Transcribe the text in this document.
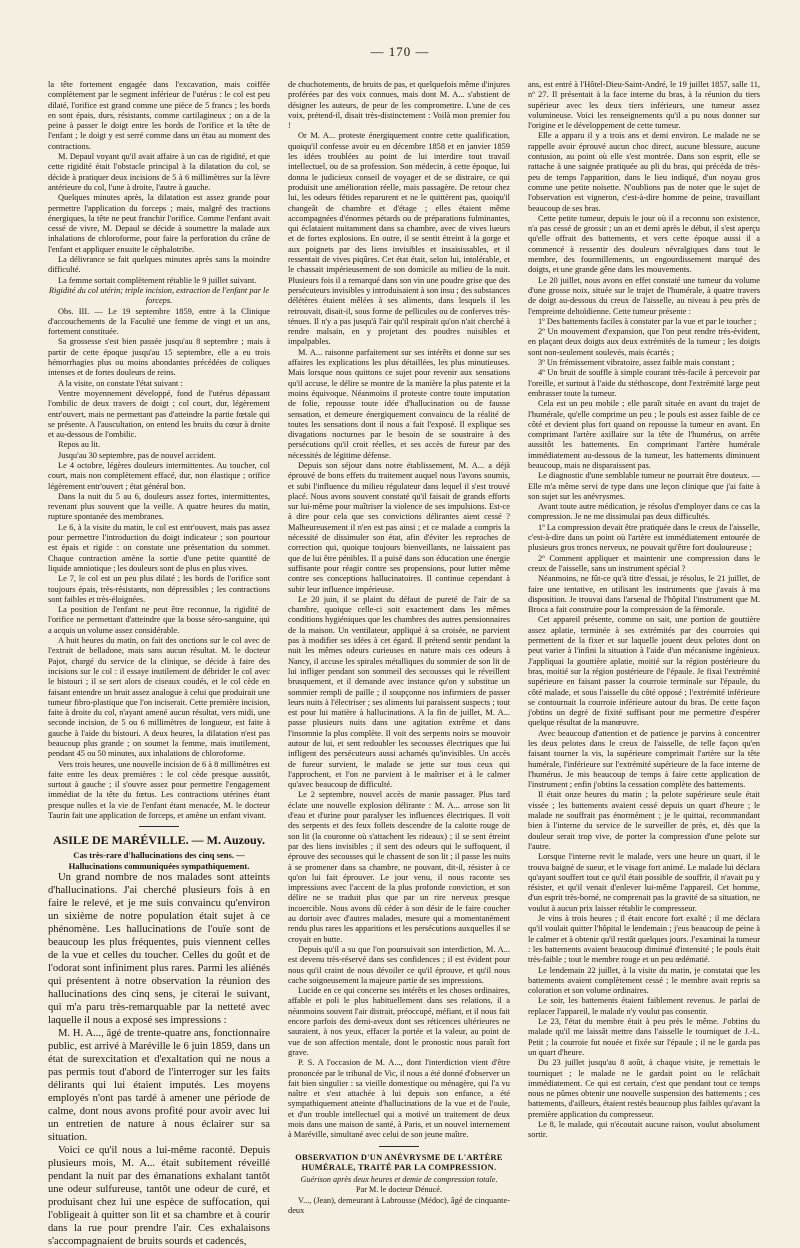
— 170 —

la tête fortement engagée dans l'excavation, mais coiffée complètement par le segment inférieur de l'utérus : le col est peu dilaté, l'orifice est grand comme une pièce de 5 francs ; les bords en sont épais, durs, résistants, comme cartilagineux ; on a de la peine à passer le doigt entre les bords de l'orifice et la tête de l'enfant ; le doigt y est serré comme dans un étau au moment des contractions.

M. Depaul voyant qu'il avait affaire à un cas de rigidité, et que cette rigidité était l'obstacle principal à la dilatation du col, se décide à pratiquer deux incisions de 5 à 6 millimètres sur la lèvre antérieure du col, l'une à droite, l'autre à gauche.

Quelques minutes après, la dilatation est assez grande pour permettre l'application du forceps ; mais, malgré des tractions énergiques, la tête ne peut franchir l'orifice. Comme l'enfant avait cessé de vivre, M. Depaul se décide à soumettre la malade aux inhalations de chloroforme, pour faire la perforation du crâne de l'enfant et appliquer ensuite le céphalotribe.

La délivrance se fait quelques minutes après sans la moindre difficulté.

La femme sortait complètement rétablie le 9 juillet suivant.

Rigidité du col utérin; triple incision, extraction de l'enfant par le forceps.

Obs. III. — Le 19 septembre 1859, entre à la Clinique d'accouchements de la Faculté une femme de vingt et un ans, fortement constituée.

Sa grossesse s'est bien passée jusqu'au 8 septembre ; mais à partir de cette époque jusqu'au 15 septembre, elle a eu trois hémorrhagies plus ou moins abondantes précédées de coliques intenses et de fortes douleurs de reins.

A la visite, on constate l'état suivant :

Ventre moyennement développé, fond de l'utérus dépassant l'ombilic de deux travers de doigt ; col court, dur, légèrement entr'ouvert, mais ne permettant pas d'atteindre la partie fœtale qui se présente. A l'auscultation, on entend les bruits du cœur à droite et au-dessous de l'ombilic.

Repos au lit.

Jusqu'au 30 septembre, pas de nouvel accident.

Le 4 octobre, légères douleurs intermittentes. Au toucher, col court, mais non complètement effacé, dur, non élastique ; orifice légèrement entr'ouvert ; état général bon.

Dans la nuit du 5 au 6, douleurs assez fortes, intermittentes, revenant plus souvent que la veille. A quatre heures du matin, rupture spontanée des membranes.

Le 6, à la visite du matin, le col est entr'ouvert, mais pas assez pour permettre l'introduction du doigt indicateur ; son pourtour est épais et rigide : on constate une présentation du sommet. Chaque contraction amène la sortie d'une petite quantité de liquide amniotique ; les douleurs sont de plus en plus vives.

Le 7, le col est un peu plus dilaté ; les bords de l'orifice sont toujours épais, très-résistants, non dépressibles ; les contractions sont faibles et très-éloignées.

La position de l'enfant ne peut être reconnue, la rigidité de l'orifice ne permettant d'atteindre que la bosse séro-sanguine, qui a acquis un volume assez considérable.

A huit heures du matin, on fait des onctions sur le col avec de l'extrait de belladone, mais sans aucun résultat. M. le docteur Pajot, chargé du service de la clinique, se décide à faire des incisions sur le col : il essaye inutilement de débrider le col avec le bistouri ; il se sert alors de ciseaux coudés, et le col cède en faisant entendre un bruit assez analogue à celui que produirait une tumeur fibro-plastique que l'on inciserait. Cette première incision, faite à droite du col, n'ayant amené aucun résultat, vers midi, une seconde incision, de 5 ou 6 millimètres de longueur, est faite à gauche à l'aide du bistouri. A deux heures, la dilatation n'est pas beaucoup plus grande ; on soumet la femme, mais inutilement, pendant 45 ou 50 minutes, aux inhalations de chloroforme.

Vers trois heures, une nouvelle incision de 6 à 8 millimètres est faite entre les deux premières : le col cède presque aussitôt, surtout à gauche ; il s'ouvre assez pour permettre l'engagement immédiat de la tête du fœtus. Les contractions utérines étant presque nulles et la vie de l'enfant étant menacée, M. le docteur Taurin fait une application de forceps, et amène un enfant vivant.

ASILE DE MARÉVILLE. — M. Auzouy.
Cas très-rare d'hallucinations des cinq sens. — Hallucinations communiquées sympathiquement.

Un grand nombre de nos malades sont atteints d'hallucinations. J'ai cherché plusieurs fois à en faire le relevé, et je me suis convaincu qu'environ un sixième de notre population était sujet à ce phénomène. Les hallucinations de l'ouïe sont de beaucoup les plus fréquentes, puis viennent celles de la vue et celles du toucher. Celles du goût et de l'odorat sont infiniment plus rares. Parmi les aliénés qui présentent à notre observation la réunion des hallucinations des cinq sens, je citerai le suivant, qui m'a paru très-remarquable par la netteté avec laquelle il nous a exposé ses impressions :

M. H. A..., âgé de trente-quatre ans, fonctionnaire public, est arrivé à Maréville le 6 juin 1859, dans un état de surexcitation et d'exaltation qui ne nous a pas permis tout d'abord de l'interroger sur les faits délirants qui lui étaient imputés. Les moyens employés n'ont pas tardé à amener une période de calme, dont nous avons profité pour avoir avec lui un entretien de nature à nous éclairer sur sa situation.

Voici ce qu'il nous a lui-même raconté. Depuis plusieurs mois, M. A... était subitement réveillé pendant la nuit par des émanations exhalant tantôt une odeur sulfureuse, tantôt une odeur de curé, et produisant chez lui une espèce de suffocation, qui l'obligeait à quitter son lit et sa chambre et à courir dans la rue pour prendre l'air. Ces exhalaisons s'accompagnaient de bruits sourds et cadencés,

de chuchotements, de bruits de pas, et quelquefois même d'injures proférées par des voix connues, mais dont M. A... s'abstient de désigner les auteurs, de peur de les compromettre. L'une de ces voix, prétend-il, disait très-distinctement : Voilà mon premier fou !

Or M. A... proteste énergiquement contre cette qualification, quoiqu'il confesse avoir eu en décembre 1858 et en janvier 1859 les idées troublées au point de lui interdire tout travail intellectuel, ou de sa profession. Son médecin, à cette époque, lui donna le judicieux conseil de voyager et de se distraire, ce qui produisit une amélioration réelle, mais passagère. De retour chez lui, les odeurs fétides reparurent et ne le quittèrent pas, quoiqu'il changeât de chambre et d'étage ; elles étaient même accompagnées d'énormes pétards ou de préparations fulminantes, qui éclataient nuitamment dans sa chambre, avec de vives lueurs et de fortes explosions. En outre, il se sentit étreint à la gorge et aux poignets par des liens invisibles et insaisissables, et il ressentait de vives piqûres. Cet état était, selon lui, intolérable, et le chassait impérieusement de son domicile au milieu de la nuit. Plusieurs fois il a remarqué dans son vin une poudre grise que des persécuteurs invisibles y introduisaient à son insu ; des substances délétères étaient mêlées à ses aliments, dans lesquels il les retrouvait, disait-il, sous forme de pellicules ou de conferves très-ténues. Il n'y a pas jusqu'à l'air qu'il respirait qu'on n'ait cherché à rendre malsain, en y projetant des poudres nuisibles et impalpables.

M. A... raisonne parfaitement sur ses intérêts et donne sur ses affaires les explications les plus détaillées, les plus minutieuses. Mais lorsque nous quittons ce sujet pour revenir aux sensations qu'il accuse, le délire se montre de la manière la plus patente et la moins équivoque. Néanmoins il proteste contre toute imputation de folie, repousse toute idée d'hallucination ou de fausse sensation, et demeure énergiquement convaincu de la réalité de toutes les sensations dont il nous a fait l'exposé. Il explique ses divagations nocturnes par le besoin de se soustraire à des persécutions qu'il croit réelles, et ses accès de fureur par des nécessités de légitime défense.

Depuis son séjour dans notre établissement, M. A... a déjà éprouvé de bons effets du traitement auquel nous l'avons soumis, et subi l'influence du milieu régulateur dans lequel il s'est trouvé placé. Nous avons souvent constaté qu'il faisait de grands efforts sur lui-même pour maîtriser la violence de ses impulsions. Est-ce à dire pour cela que ses convictions délirantes aient cessé ? Malheureusement il n'en est pas ainsi ; et ce malade a compris la nécessité de dissimuler son état, afin d'éviter les reproches de correction qui, quoique toujours bienveillants, ne laissaient pas que de lui être pénibles. Il a puisé dans son éducation une énergie suffisante pour réagir contre ses propensions, pour lutter même contre ses conceptions hallucinatoires. Il continue cependant à subir leur influence impérieuse.

Le 20 juin, il se plaint du défaut de pureté de l'air de sa chambre, quoique celle-ci soit exactement dans les mêmes conditions hygiéniques que les chambres des autres pensionnaires de la maison. Un ventilateur, appliqué à sa croisée, ne parvient pas à modifier ses idées à cet égard. Il prétend sentir pendant la nuit les mêmes odeurs curieuses en nature mais ces odeurs à Nancy, il accuse les spirales métalliques du sommier de son lit de lui infliger pendant son sommeil des secousses qui le réveillent brusquement, et il demande avec instance qu'on y substitue un sommier rempli de paille ; il soupçonne nos infirmiers de passer leurs nuits à l'électriser ; ses aliments lui paraissent suspects ; tout est pour lui matière à hallucinations. A la fin de juillet, M. A... passe plusieurs nuits dans une agitation extrême et dans l'insomnie la plus complète. Il voit des serpents noirs se mouvoir autour de lui, et sent redoubler les secousses électriques que lui infligent des persécuteurs aussi acharnés qu'invisibles. Un accès de fureur survient, le malade se jette sur tous ceux qui l'approchent, et l'on ne parvient à le maîtriser et à le calmer qu'avec beaucoup de difficulté.

Le 2 septembre, nouvel accès de manie passager. Plus tard éclate une nouvelle explosion délirante : M. A... arrose son lit d'eau et d'urine pour paralyser les influences électriques. Il voit des serpents et des feux follets descendre de la calotte rouge de son lit (la couronne où s'attachent les rideaux) ; il se sent étreint par des liens invisibles ; il sent des odeurs qui le suffoquent, il éprouve des secousses qui le chassent de son lit ; il passe les nuits à se promener dans sa chambre, ne pouvant, dit-il, résister à ce qu'on lui fait éprouver. Le jour venu, il nous raconte ses impressions avec l'accent de la plus profonde conviction, et son délire ne se traduit plus que par un rire nerveux presque incoercible. Nous avons dû céder à son désir de le faire coucher au dortoir avec d'autres malades, mesure qui a momentanément rendu plus rares les apparitions et les persécutions auxquelles il se croyait en butte.

Depuis qu'il a su que l'on poursuivait son interdiction, M. A... est devenu très-réservé dans ses confidences ; il est évident pour nous qu'il craint de nous dévoiler ce qu'il éprouve, et qu'il nous cache soigneusement la majeure partie de ses impressions.

Lucide en ce qui concerne ses intérêts et les choses ordinaires, affable et poli le plus habituellement dans ses relations, il a néanmoins souvent l'air distrait, préoccupé, méfiant, et il nous fait encore parfois des demi-aveux dont ses réticences ultérieures ne sauraient, à nos yeux, effacer la portée et la valeur, au point de vue de son affection mentale, dont le pronostic nous paraît fort grave.

P. S. A l'occasion de M. A..., dont l'interdiction vient d'être prononcée par le tribunal de Vic, il nous a été donné d'observer un fait bien singulier : sa vieille domestique ou ménagère, qui l'a vu naître et s'est attachée à lui depuis son enfance, a été sympathiquement atteinte d'hallucinations de la vue et de l'ouïe, et d'un trouble intellectuel qui a motivé un traitement de deux mois dans une maison de santé, à Paris, et un nouvel internement à Maréville, simultané avec celui de son jeune maître.

OBSERVATION D'UN ANÉVRYSME DE L'ARTÈRE HUMÉRALE, TRAITÉ PAR LA COMPRESSION.
Guérison après deux heures et demie de compression totale.
Par M. le docteur Dénucé.

V..., (Jean), demeurant à Labrousse (Médoc), âgé de cinquante-deux

ans, est entré à l'Hôtel-Dieu-Saint-André, le 19 juillet 1857, salle 11, nº 27. Il présentait à la face interne du bras, à la réunion du tiers supérieur avec les deux tiers inférieurs, une tumeur assez volumineuse. Voici les renseignements qu'il a pu nous donner sur l'origine et le développement de cette tumeur.

Elle a apparu il y a trois ans et demi environ. Le malade ne se rappelle avoir éprouvé aucun choc direct, aucune blessure, aucune contusion, au point où elle s'est montrée. Dans son esprit, elle se rattache à une saignée pratiquée au pli du bras, qui précéda de très-peu de temps l'apparition, dans le lieu indiqué, d'un noyau gros comme une petite noisette. N'oublions pas de noter que le sujet de l'observation est vigneron, c'est-à-dire homme de peine, travaillant beaucoup de ses bras.

Cette petite tumeur, depuis le jour où il a reconnu son existence, n'a pas cessé de grossir ; un an et demi après le début, il s'est aperçu qu'elle offrait des battements, et vers cette époque aussi il a commencé à ressentir des douleurs névralgiques dans tout le membre, des fourmillements, un engourdissement marqué des doigts, et une grande gêne dans les mouvements.

Le 20 juillet, nous avons en effet constaté une tumeur du volume d'une grosse noix, située sur le trajet de l'humérale, à quatre travers de doigt au-dessous du creux de l'aisselle, au niveau à peu près de l'empreinte deltoïdienne. Cette tumeur présente :

1º Des battements faciles à constater par la vue et par le toucher ;

2º Un mouvement d'expansion, que l'on peut rendre très-évident, en plaçant deux doigts aux deux extrémités de la tumeur ; les doigts sont non-seulement soulevés, mais écartés ;

3º Un frémissement vibratoire, assez faible mais constant ;

4º Un bruit de souffle à simple courant très-facile à percevoir par l'oreille, et surtout à l'aide du stéthoscope, dont l'extrémité large peut embrasser toute la tumeur.

Cela est un peu mobile ; elle paraît située en avant du trajet de l'humérale, qu'elle comprime un peu ; le pouls est assez faible de ce côté et devient plus fort quand on repousse la tumeur en avant. En comprimant l'artère axillaire sur la tête de l'humérus, on arrête aussitôt les battements. En comprimant l'artère humérale immédiatement au-dessous de la tumeur, les battements diminuent beaucoup, mais ne disparaissent pas.

Le diagnostic d'une semblable tumeur ne pourrait être douteux. — Elle m'a même servi de type dans une leçon clinique que j'ai faite à son sujet sur les anévrysmes.

Avant toute autre médication, je résolus d'employer dans ce cas la compression. Je ne me dissimulai pas deux difficultés.

1º La compression devait être pratiquée dans le creux de l'aisselle, c'est-à-dire dans un point où l'artère est immédiatement entourée de plusieurs gros troncs nerveux, ne pouvait qu'être fort douloureuse ;

2º Comment appliquer et maintenir une compression dans le creux de l'aisselle, sans un instrument spécial ?

Néanmoins, ne fût-ce qu'à titre d'essai, je résolus, le 21 juillet, de faire une tentative, en utilisant les instruments que j'avais à ma disposition. Je trouvai dans l'arsenal de l'hôpital l'instrument que M. Broca a fait construire pour la compression de la fémorale.

Cet appareil présente, comme on sait, une portion de gouttière assez aplatie, terminée à ses extrémités par des courroies qui permettent de la fixer et sur laquelle jouent deux pelotes dont on peut varier à l'infini la situation à l'aide d'un mécanisme ingénieux. J'appliquai la gouttière aplatie, moitié sur la région postérieure du bras, moitié sur la région postérieure de l'épaule. Je fixai l'extrémité supérieure en faisant passer la courroie terminale sur l'épaule, du côté malade, et sous l'aisselle du côté opposé ; l'extrémité inférieure se contournait la courroie inférieure autour du bras. De cette façon j'obtins un degré de fixité suffisant pour me permettre d'espérer quelque résultat de la manœuvre.

Avec beaucoup d'attention et de patience je parvins à concentrer les deux pelotes dans le creux de l'aisselle, de telle façon qu'en faisant tourner la vis, la supérieure comprimait l'artère sur la tête humérale, l'inférieure sur l'extrémité supérieure de la face interne de l'humérus. Je mis beaucoup de temps à faire cette application de l'instrument ; enfin j'obtins la cessation complète des battements.

Il était onze heures du matin ; la pelote supérieure seule était vissée ; les battements avaient cessé depuis un quart d'heure ; le malade ne souffrait pas énormément ; je le quittai, recommandant bien à l'interne du service de le surveiller de près, et, dès que la douleur serait trop vive, de porter la compression d'une pelote sur l'autre.

Lorsque l'interne revit le malade, vers une heure un quart, il le trouva baigné de sueur, et le visage fort animé. Le malade lui déclara qu'ayant souffert tout ce qu'il était possible de souffrir, il n'avait pu y résister, et qu'il venait d'enlever lui-même l'appareil. Cet homme, d'un esprit très-borné, ne comprenait pas la gravité de sa situation, ne voulut à aucun prix laisser rétablir le compresseur.

Je vins à trois heures ; il était encore fort exalté ; il me déclara qu'il voulait quitter l'hôpital le lendemain ; j'eus beaucoup de peine à le calmer et à obtenir qu'il restât quelques jours. J'examinai la tumeur : les battements avaient beaucoup diminué d'intensité ; le pouls était très-faible ; tout le membre rouge et un peu œdématié.

Le lendemain 22 juillet, à la visite du matin, je constatai que les battements avaient complètement cessé ; le membre avait repris sa coloration et son volume ordinaires.

Le soir, les battements étaient faiblement revenus. Je parlai de replacer l'appareil, le malade n'y voulut pas consentir.

Le 23, l'état du membre était à peu près le même. J'obtins du malade qu'il me laissât mettre dans l'aisselle le tourniquet de J.-L. Petit ; la courroie fut nouée et fixée sur l'épaule ; il ne le garda pas un quart d'heure.

Du 23 juillet jusqu'au 8 août, à chaque visite, je remettais le tourniquet ; le malade ne le gardait point ou le relâchait immédiatement. Ce qui est certain, c'est que pendant tout ce temps nous ne pûmes obtenir une nouvelle suspension des battements ; ces battements, d'ailleurs, étaient restés beaucoup plus faibles qu'avant la première application du compresseur.

Le 8, le malade, qui n'écoutait aucune raison, voulut absolument sortir.
